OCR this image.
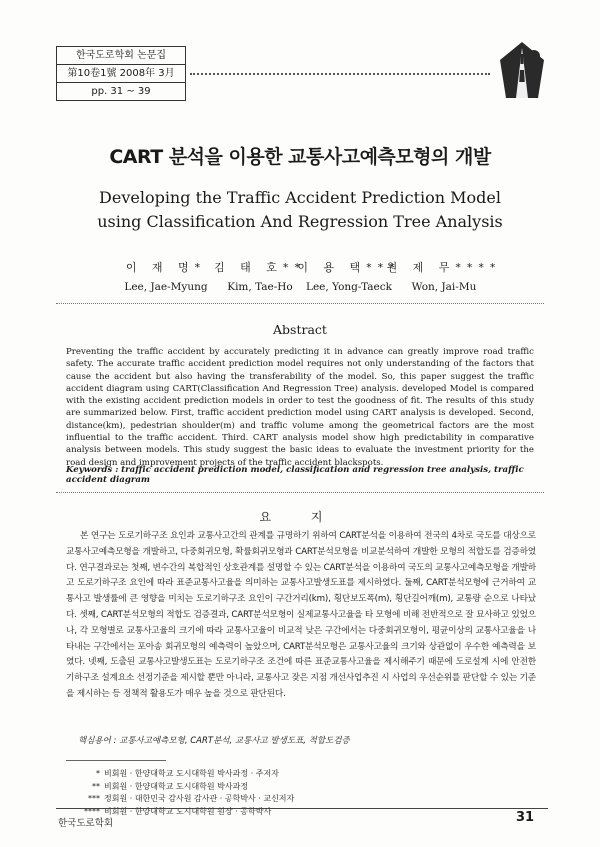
한국도로학회 논문집
第10卷1號 2008年 3月
pp. 31 ~ 39
CART 분석을 이용한 교통사고예측모형의 개발
Developing the Traffic Accident Prediction Model
using Classification And Regression Tree Analysis
이 재 명*
Lee, Jae-Myung
김 태 호**
Kim, Tae-Ho
이 용 택***
Lee, Yong-Taeck
원 제 무****
Won, Jai-Mu
Abstract
Preventing the traffic accident by accurately predicting it in advance can greatly improve road traffic safety. The accurate traffic accident prediction model requires not only understanding of the factors that cause the accident but also having the transferability of the model. So, this paper suggest the traffic accident diagram using CART(Classification And Regression Tree) analysis. developed Model is compared with the existing accident prediction models in order to test the goodness of fit. The results of this study are summarized below. First, traffic accident prediction model using CART analysis is developed. Second, distance(km), pedestrian shoulder(m) and traffic volume among the geometrical factors are the most influential to the traffic accident. Third. CART analysis model show high predictability in comparative analysis between models. This study suggest the basic ideas to evaluate the investment priority for the road design and improvement projects of the traffic accident blackspots.
Keywords : traffic accident prediction model, classification and regression tree analysis, traffic accident diagram
요 지
본 연구는 도로기하구조 요인과 교통사고간의 관계를 규명하기 위하여 CART분석을 이용하여 전국의 4차로 국도를 대상으로 교통사고예측모형을 개발하고, 다중회귀모형, 확률회귀모형과 CART분석모형을 비교분석하여 개발한 모형의 적합도를 검증하였다. 연구결과로는 첫째, 변수간의 복합적인 상호관계를 설명할 수 있는 CART분석을 이용하여 국도의 교통사고예측모형을 개발하고 도로기하구조 요인에 따라 표준교통사고율을 의미하는 교통사고발생도표를 제시하였다. 둘째, CART분석모형에 근거하여 교통사고 발생률에 큰 영향을 미치는 도로기하구조 요인이 구간거리(km), 횡단보도폭(m), 횡단길어깨(m), 교통량 순으로 나타났다. 셋째, CART분석모형의 적합도 검증결과, CART분석모형이 실제교통사고율을 타 모형에 비해 전반적으로 잘 묘사하고 있었으나, 각 모형별로 교통사고율의 크기에 따라 교통사고율이 비교적 낮은 구간에서는 다중회귀모형이, 평균이상의 교통사고율을 나타내는 구간에서는 포아송 회귀모형의 예측력이 높았으며, CART분석모형은 교통사고율의 크기와 상관없이 우수한 예측력을 보였다. 넷째, 도출된 교통사고발생도표는 도로기하구조 조건에 따른 표준교통사고율을 제시해주기 때문에 도로설계 시에 안전한 기하구조 설계요소 선정기준을 제시할 뿐만 아니라, 교통사고 잦은 지점 개선사업추진 시 사업의 우선순위를 판단할 수 있는 기준을 제시하는 등 정책적 활용도가 매우 높을 것으로 판단된다.
핵심용어 : 교통사고예측모형, CART분석, 교통사고 발생도표, 적합도검증
* 비회원 · 한양대학교 도시대학원 박사과정 · 주저자
** 비회원 · 한양대학교 도시대학원 박사과정
*** 정회원 · 대한민국 감사원 감사관 · 공학박사 · 교신저자
**** 비회원 · 한양대학교 도시대학원 원장 · 공학박사
한국도로학회	31
